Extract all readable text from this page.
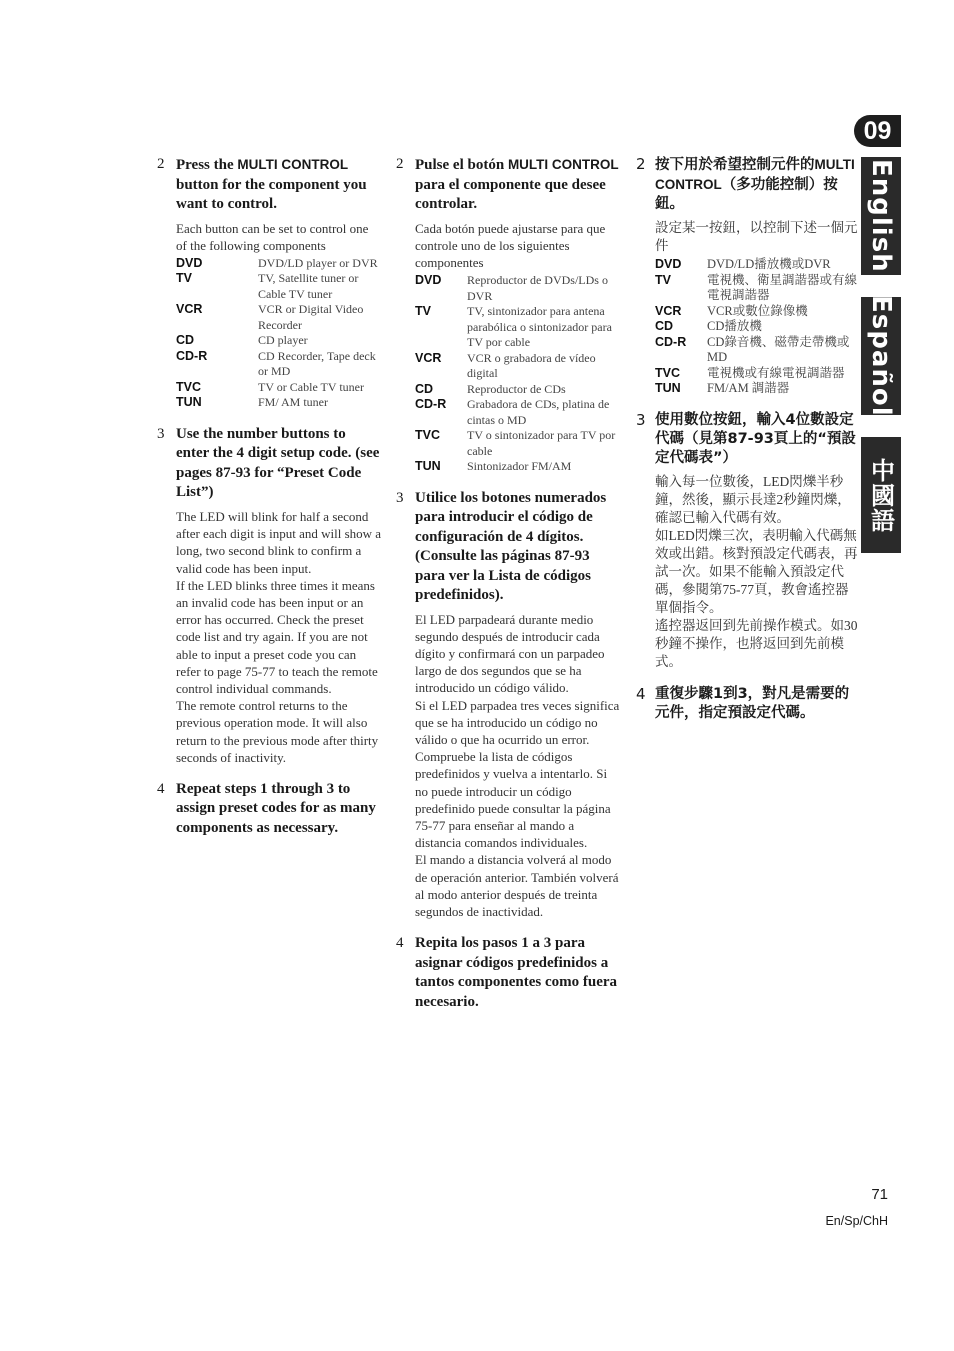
09
English
Español
中國語
2 Press the MULTI CONTROL button for the component you want to control.

Each button can be set to control one of the following components

DVD	DVD/LD player or DVR
TV	TV, Satellite tuner or Cable TV tuner
VCR	VCR or Digital Video Recorder
CD	CD player
CD-R	CD Recorder, Tape deck or MD
TVC	TV or Cable TV tuner
TUN	FM/ AM tuner
3 Use the number buttons to enter the 4 digit setup code. (see pages 87-93 for “Preset Code List”)

The LED will blink for half a second after each digit is input and will show a long, two second blink to confirm a valid code has been input.

If the LED blinks three times it means an invalid code has been input or an error has occurred. Check the preset code list and try again. If you are not able to input a preset code you can refer to page 75-77 to teach the remote control individual commands.

The remote control returns to the previous operation mode. It will also return to the previous mode after thirty seconds of inactivity.

4 Repeat steps 1 through 3 to assign preset codes for as many components as necessary.

2 Pulse el botón MULTI CONTROL para el componente que desee controlar.

Cada botón puede ajustarse para que controle uno de los siguientes componentes

DVD	Reproductor de DVDs/LDs o DVR
TV	TV, sintonizador para antena parabólica o sintonizador para TV por cable
VCR	VCR o grabadora de vídeo digital
CD	Reproductor de CDs
CD-R	Grabadora de CDs, platina de cintas o MD
TVC	TV o sintonizador para TV por cable
TUN	Sintonizador FM/AM
3 Utilice los botones numerados para introducir el código de configuración de 4 dígitos. (Consulte las páginas 87-93 para ver la Lista de códigos predefinidos).

El LED parpadeará durante medio segundo después de introducir cada dígito y confirmará con un parpadeo largo de dos segundos que se ha introducido un código válido.

Si el LED parpadea tres veces significa que se ha introducido un código no válido o que ha ocurrido un error. Compruebe la lista de códigos predefinidos y vuelva a intentarlo. Si no puede introducir un código predefinido puede consultar la página 75-77 para enseñar al mando a distancia comandos individuales.

El mando a distancia volverá al modo de operación anterior. También volverá al modo anterior después de treinta segundos de inactividad.

4 Repita los pasos 1 a 3 para asignar códigos predefinidos a tantos componentes como fuera necesario.

2 按下用於希望控制元件的MULTI CONTROL（多功能控制）按鈕。

設定某一按鈕，以控制下述一個元件

DVD	DVD/LD播放機或DVR
TV	電視機、衛星調諧器或有線電視調諧器
VCR	VCR或數位錄像機
CD	CD播放機
CD-R	CD錄音機、磁帶走帶機或MD
TVC	電視機或有線電視調諧器
TUN	FM/AM 調諧器
3 使用數位按鈕，輸入4位數設定代碼（見第87-93頁上的“預設定代碼表”）

輸入每一位數後，LED閃爍半秒鐘，然後，顯示長達2秒鐘閃爍，確認已輸入代碼有效。

如LED閃爍三次，表明輸入代碼無效或出錯。核對預設定代碼表，再試一次。如果不能輸入預設定代碼，參閱第75-77頁，教會遙控器單個指令。

遙控器返回到先前操作模式。如30秒鐘不操作，也將返回到先前模式。

4 重復步驟1到3，對凡是需要的元件，指定預設定代碼。

71
En/Sp/ChH
